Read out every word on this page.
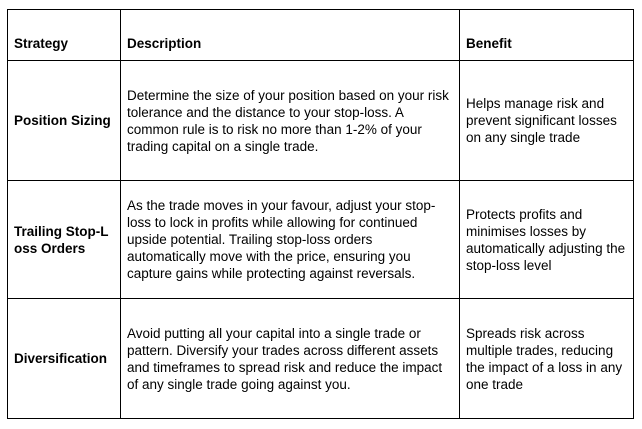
Strategy	Description	Benefit
Position Sizing	Determine the size of your position based on your risk tolerance and the distance to your stop-loss. A common rule is to risk no more than 1-2% of your trading capital on a single trade.	Helps manage risk and prevent significant losses on any single trade
Trailing Stop-Loss Orders	As the trade moves in your favour, adjust your stop-loss to lock in profits while allowing for continued upside potential. Trailing stop-loss orders automatically move with the price, ensuring you capture gains while protecting against reversals.	Protects profits and minimises losses by automatically adjusting the stop-loss level
Diversification	Avoid putting all your capital into a single trade or pattern. Diversify your trades across different assets and timeframes to spread risk and reduce the impact of any single trade going against you.	Spreads risk across multiple trades, reducing the impact of a loss in any one trade
